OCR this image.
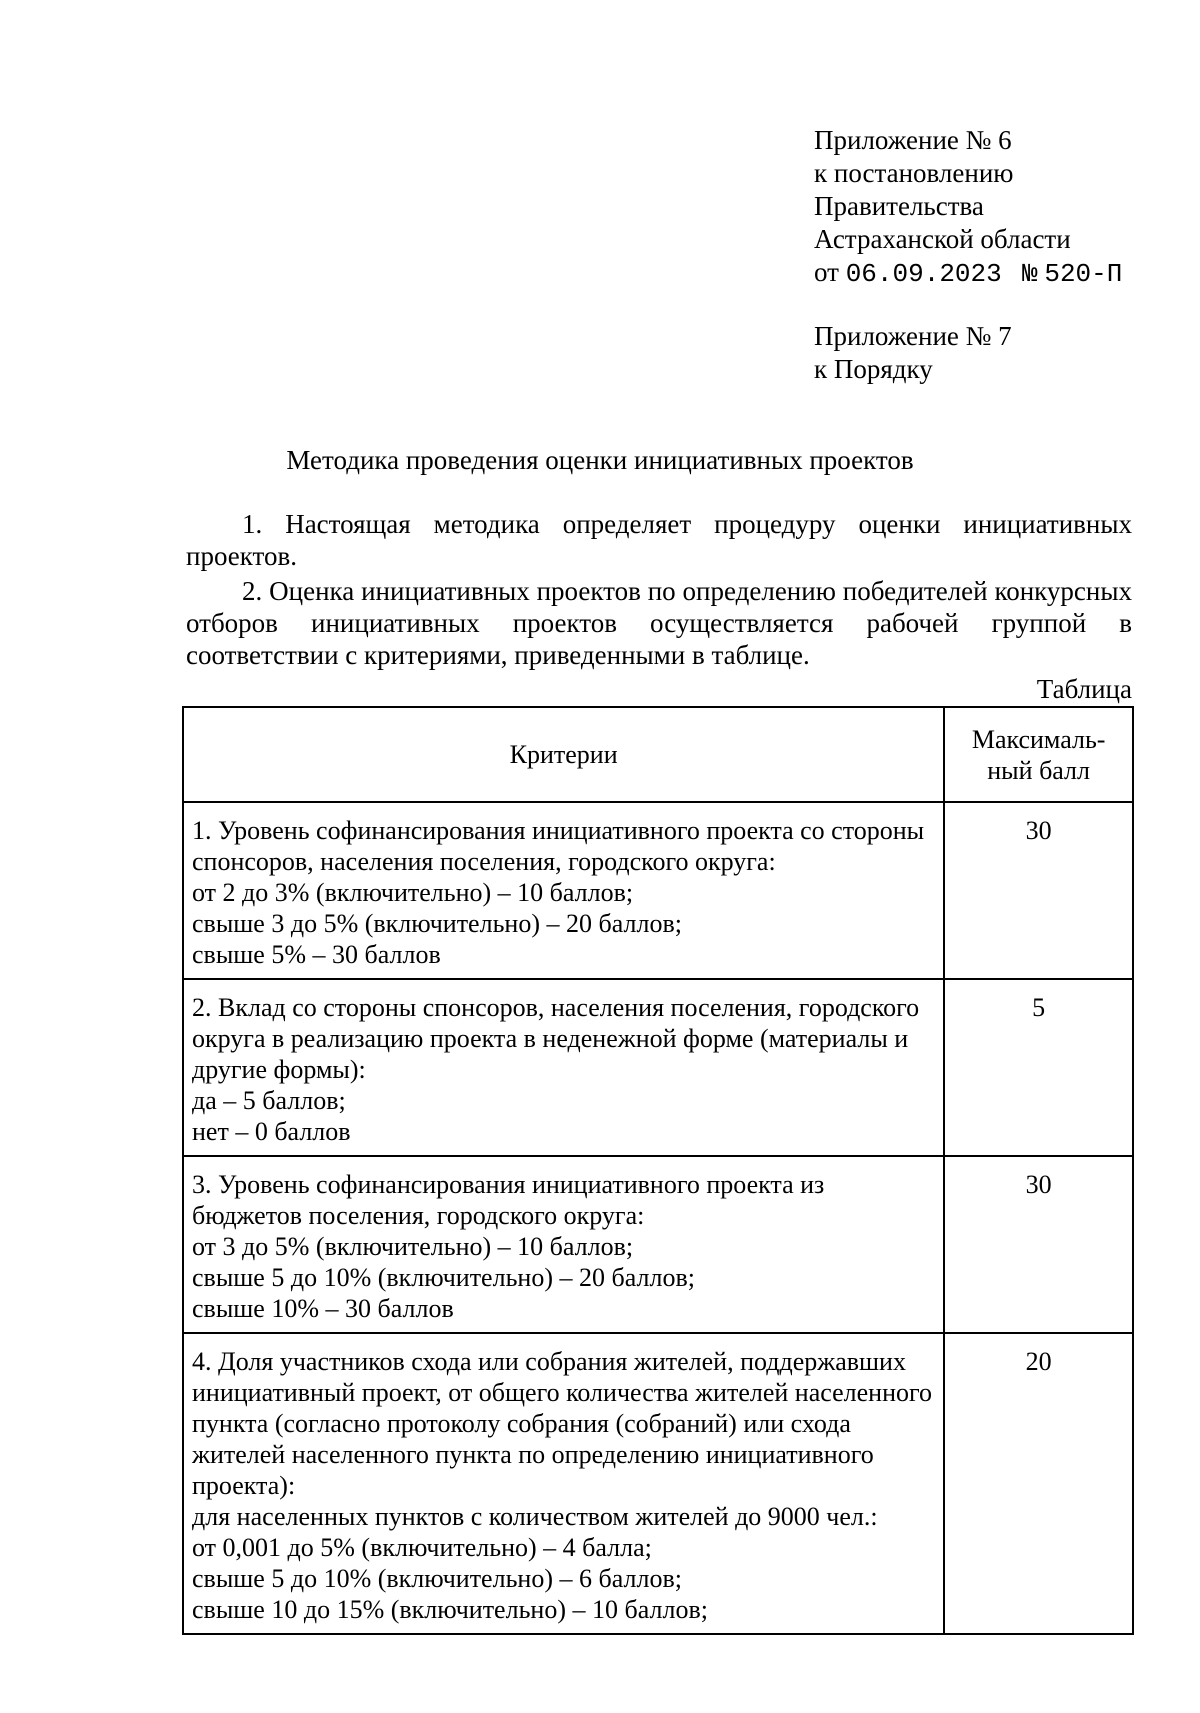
Приложение № 6
к постановлению
Правительства
Астраханской области
от 06.09.2023 № 520-П
Приложение № 7
к Порядку
Методика проведения оценки инициативных проектов
1. Настоящая методика определяет процедуру оценки инициативных проектов.
2. Оценка инициативных проектов по определению победителей конкурсных отборов инициативных проектов осуществляется рабочей группой в соответствии с критериями, приведенными в таблице.
Таблица
Критерии	Максималь-ный балл

1. Уровень софинансирования инициативного проекта со стороны спонсоров, населения поселения, городского округа:
от 2 до 3% (включительно) – 10 баллов;
свыше 3 до 5% (включительно) – 20 баллов;
свыше 5% – 30 баллов	30

2. Вклад со стороны спонсоров, населения поселения, городского округа в реализацию проекта в неденежной форме (материалы и другие формы):
да – 5 баллов;
нет – 0 баллов	5

3. Уровень софинансирования инициативного проекта из бюджетов поселения, городского округа:
от 3 до 5% (включительно) – 10 баллов;
свыше 5 до 10% (включительно) – 20 баллов;
свыше 10% – 30 баллов	30

4. Доля участников схода или собрания жителей, поддержавших инициативный проект, от общего количества жителей населенного пункта (согласно протоколу собрания (собраний) или схода жителей населенного пункта по определению инициативного проекта):
для населенных пунктов с количеством жителей до 9000 чел.:
от 0,001 до 5% (включительно) – 4 балла;
свыше 5 до 10% (включительно) – 6 баллов;
свыше 10 до 15% (включительно) – 10 баллов;	20
